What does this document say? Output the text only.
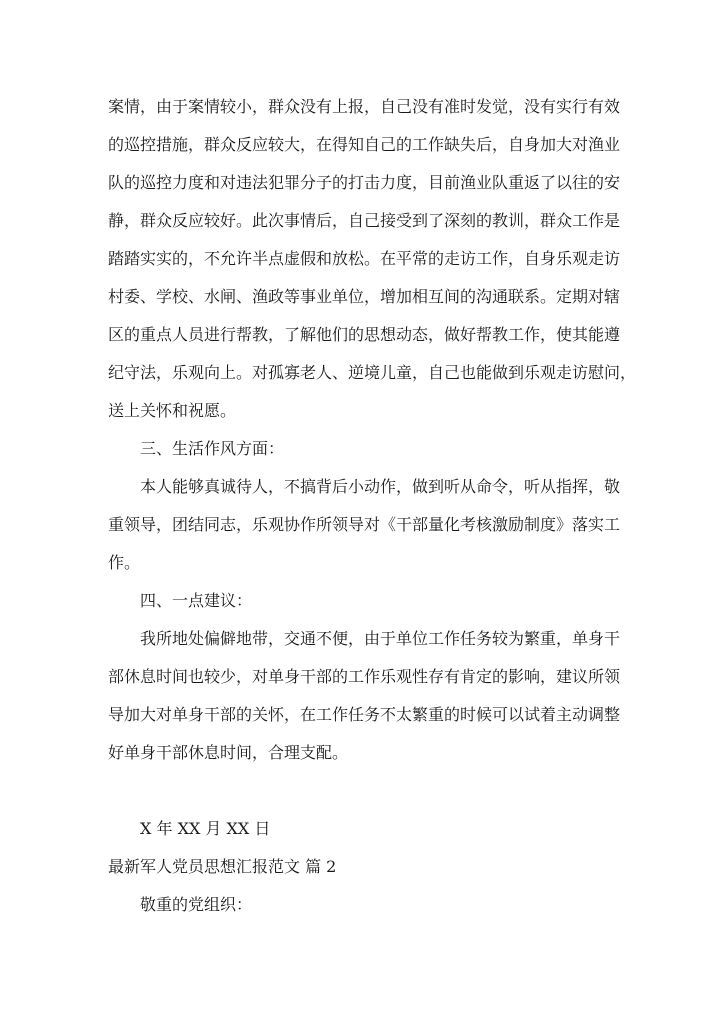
案情，由于案情较小，群众没有上报，自己没有准时发觉，没有实行有效
的巡控措施，群众反应较大，在得知自己的工作缺失后，自身加大对渔业
队的巡控力度和对违法犯罪分子的打击力度，目前渔业队重返了以往的安
静，群众反应较好。此次事情后，自己接受到了深刻的教训，群众工作是
踏踏实实的，不允许半点虚假和放松。在平常的走访工作，自身乐观走访
村委、学校、水闸、渔政等事业单位，增加相互间的沟通联系。定期对辖
区的重点人员进行帮教，了解他们的思想动态，做好帮教工作，使其能遵
纪守法，乐观向上。对孤寡老人、逆境儿童，自己也能做到乐观走访慰问，
送上关怀和祝愿。
三、生活作风方面：
本人能够真诚待人，不搞背后小动作，做到听从命令，听从指挥，敬
重领导，团结同志，乐观协作所领导对《干部量化考核激励制度》落实工
作。
四、一点建议：
我所地处偏僻地带，交通不便，由于单位工作任务较为繁重，单身干
部休息时间也较少，对单身干部的工作乐观性存有肯定的影响，建议所领
导加大对单身干部的关怀，在工作任务不太繁重的时候可以试着主动调整
好单身干部休息时间，合理支配。
X 年 XX 月 XX 日
最新军人党员思想汇报范文 篇 2
敬重的党组织：
